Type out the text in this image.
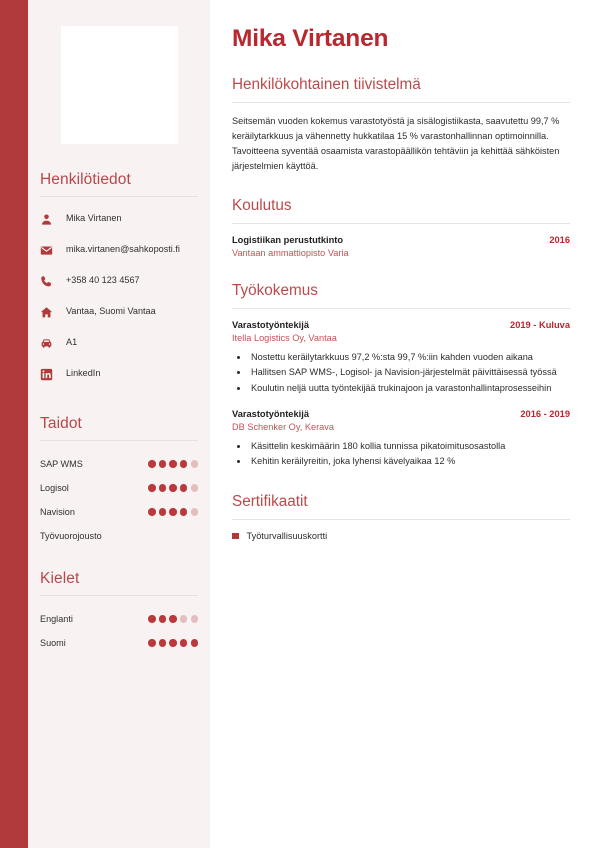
Henkilötiedot
Mika Virtanen
mika.virtanen@sahkoposti.fi
+358 40 123 4567
Vantaa, Suomi Vantaa
A1
LinkedIn
Taidot
SAP WMS
Logisol
Navision
Työvuorojousto
Kielet
Englanti
Suomi
Mika Virtanen
Henkilökohtainen tiivistelmä

Seitsemän vuoden kokemus varastotyöstä ja sisälogistiikasta, saavutettu 99,7 % keräilytarkkuus ja vähennetty hukkatilaa 15 % varastonhallinnan optimoinnilla. Tavoitteena syventää osaamista varastopäällikön tehtäviin ja kehittää sähköisten järjestelmien käyttöä.

Koulutus
Logistiikan perustutkinto	2016
Vantaan ammattiopisto Varia
Työkokemus
Varastotyöntekijä	2019 - Kuluva
Itella Logistics Oy, Vantaa
• Nostettu keräilytarkkuus 97,2 %:sta 99,7 %:iin kahden vuoden aikana
• Hallitsen SAP WMS-, Logisol- ja Navision-järjestelmät päivittäisessä työssä
• Koulutin neljä uutta työntekijää trukinajoon ja varastonhallintaprosesseihin
Varastotyöntekijä	2016 - 2019
DB Schenker Oy, Kerava
• Käsittelin keskimäärin 180 kollia tunnissa pikatoimitusosastolla
• Kehitin keräilyreitin, joka lyhensi kävelyaikaa 12 %
Sertifikaatit
Työturvallisuuskortti
